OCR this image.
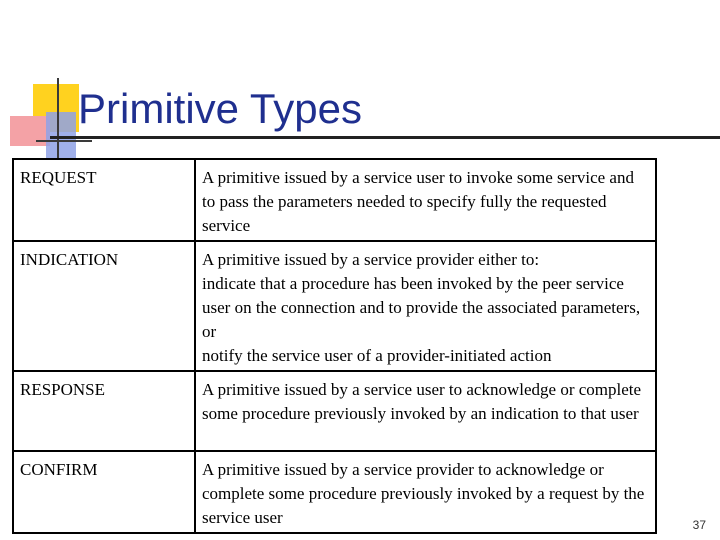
Primitive Types
REQUEST	A primitive issued by a service user to invoke some service and to pass the parameters needed to specify fully the requested service
INDICATION	A primitive issued by a service provider either to:
indicate that a procedure has been invoked by the peer service user on the connection and to provide the associated parameters, or
notify the service user of a provider-initiated action

RESPONSE	A primitive issued by a service user to acknowledge or complete some procedure previously invoked by an indication to that user
CONFIRM	A primitive issued by a service provider to acknowledge or complete some procedure previously invoked by a request by the service user	37
